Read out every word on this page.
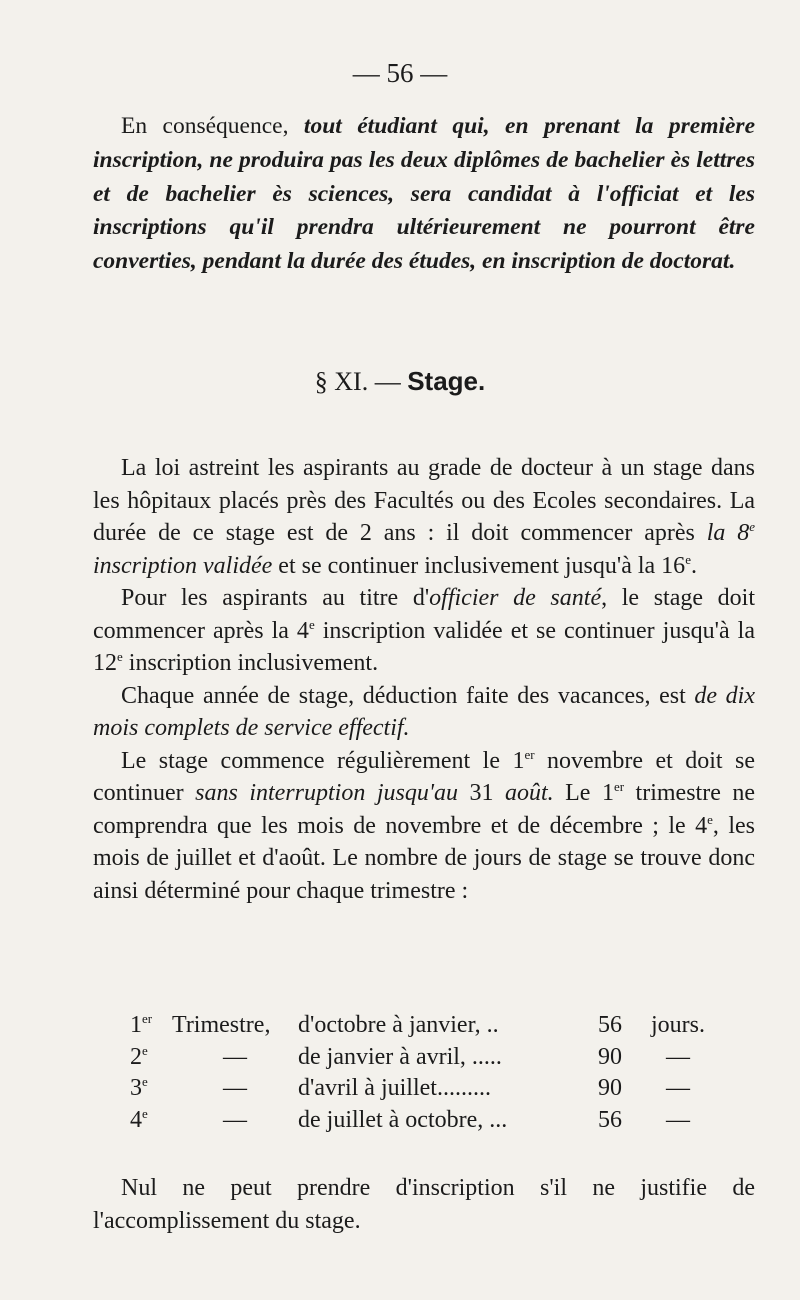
— 56 —

En conséquence, tout étudiant qui, en prenant la première inscription, ne produira pas les deux diplômes de bachelier ès lettres et de bachelier ès sciences, sera candidat à l'officiat et les inscriptions qu'il prendra ultérieurement ne pourront être converties, pendant la durée des études, en inscription de doctorat.

§ XI. — Stage.

La loi astreint les aspirants au grade de docteur à un stage dans les hôpitaux placés près des Facultés ou des Ecoles secondaires. La durée de ce stage est de 2 ans : il doit commencer après la 8e inscription validée et se continuer inclusivement jusqu'à la 16e.

Pour les aspirants au titre d'officier de santé, le stage doit commencer après la 4e inscription validée et se continuer jusqu'à la 12e inscription inclusivement.

Chaque année de stage, déduction faite des vacances, est de dix mois complets de service effectif.

Le stage commence régulièrement le 1er novembre et doit se continuer sans interruption jusqu'au 31 août. Le 1er trimestre ne comprendra que les mois de novembre et de décembre ; le 4e, les mois de juillet et d'août. Le nombre de jours de stage se trouve donc ainsi déterminé pour chaque trimestre :

1er	Trimestre,	d'octobre à janvier, ..	56	jours.
2e	—	de janvier à avril, .....	90	—
3e	—	d'avril à juillet.........	90	—
4e	—	de juillet à octobre, ...	56	—

Nul ne peut prendre d'inscription s'il ne justifie de l'accomplissement du stage.
